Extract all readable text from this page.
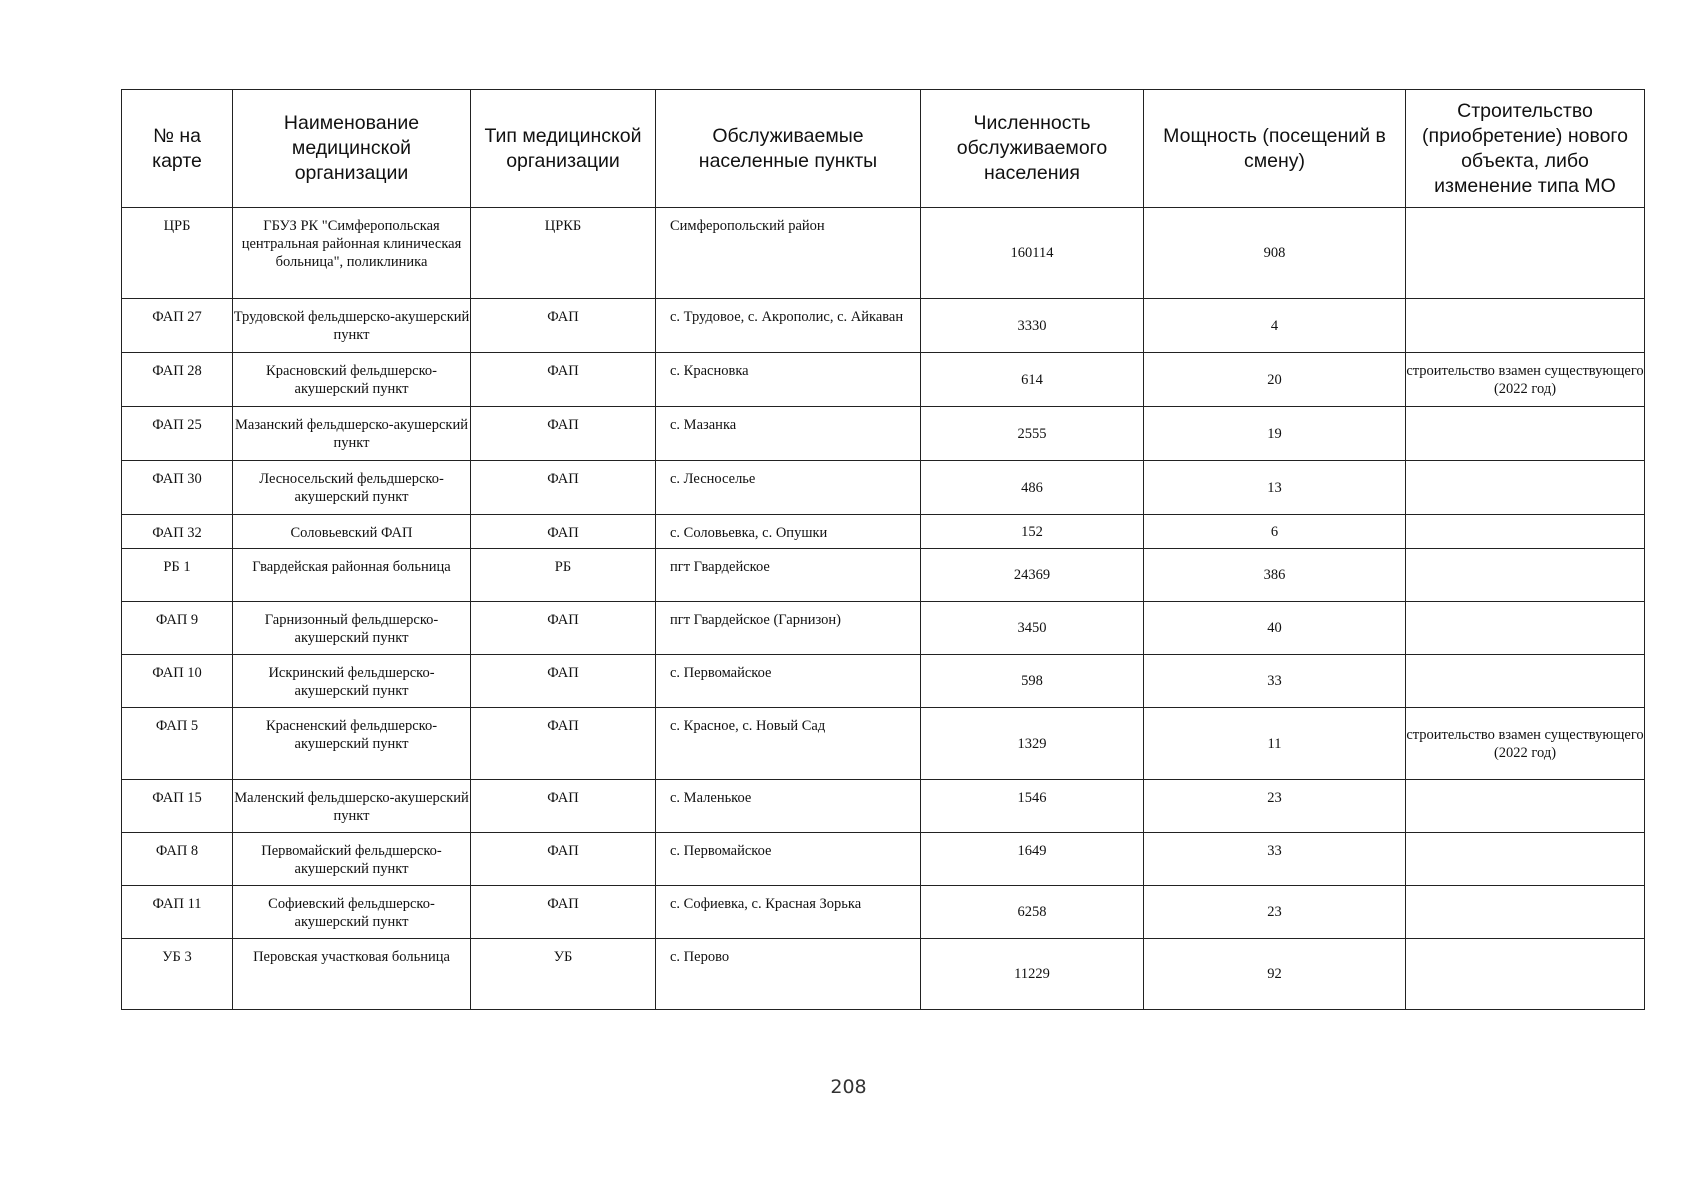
№ на карте	Наименование медицинской организации	Тип медицинской организации	Обслуживаемые населенные пункты	Численность обслуживаемого населения	Мощность (посещений в смену)	Строительство (приобретение) нового объекта, либо изменение типа МО
ЦРБ	ГБУЗ РК "Симферопольская центральная районная клиническая больница", поликлиника	ЦРКБ	Симферопольский район	160114	908	
ФАП 27	Трудовской фельдшерско-акушерский пункт	ФАП	с. Трудовое, с. Акрополис, с. Айкаван	3330	4	
ФАП 28	Красновский фельдшерско-акушерский пункт	ФАП	с. Красновка	614	20	строительство взамен существующего (2022 год)
ФАП 25	Мазанский фельдшерско-акушерский пункт	ФАП	с. Мазанка	2555	19	
ФАП 30	Лесносельский фельдшерско-акушерский пункт	ФАП	с. Лесноселье	486	13	
ФАП 32	Соловьевский ФАП	ФАП	с. Соловьевка, с. Опушки	152	6	
РБ 1	Гвардейская районная больница	РБ	пгт Гвардейское	24369	386	
ФАП 9	Гарнизонный фельдшерско-акушерский пункт	ФАП	пгт Гвардейское (Гарнизон)	3450	40	
ФАП 10	Искринский фельдшерско-акушерский пункт	ФАП	с. Первомайское	598	33	
ФАП 5	Красненский фельдшерско-акушерский пункт	ФАП	с. Красное, с. Новый Сад	1329	11	строительство взамен существующего (2022 год)
ФАП 15	Маленский фельдшерско-акушерский пункт	ФАП	с. Маленькое	1546	23	
ФАП 8	Первомайский фельдшерско-акушерский пункт	ФАП	с. Первомайское	1649	33	
ФАП 11	Софиевский фельдшерско-акушерский пункт	ФАП	с. Софиевка, с. Красная Зорька	6258	23	
УБ 3	Перовская участковая больница	УБ	с. Перово	11229	92	
208
